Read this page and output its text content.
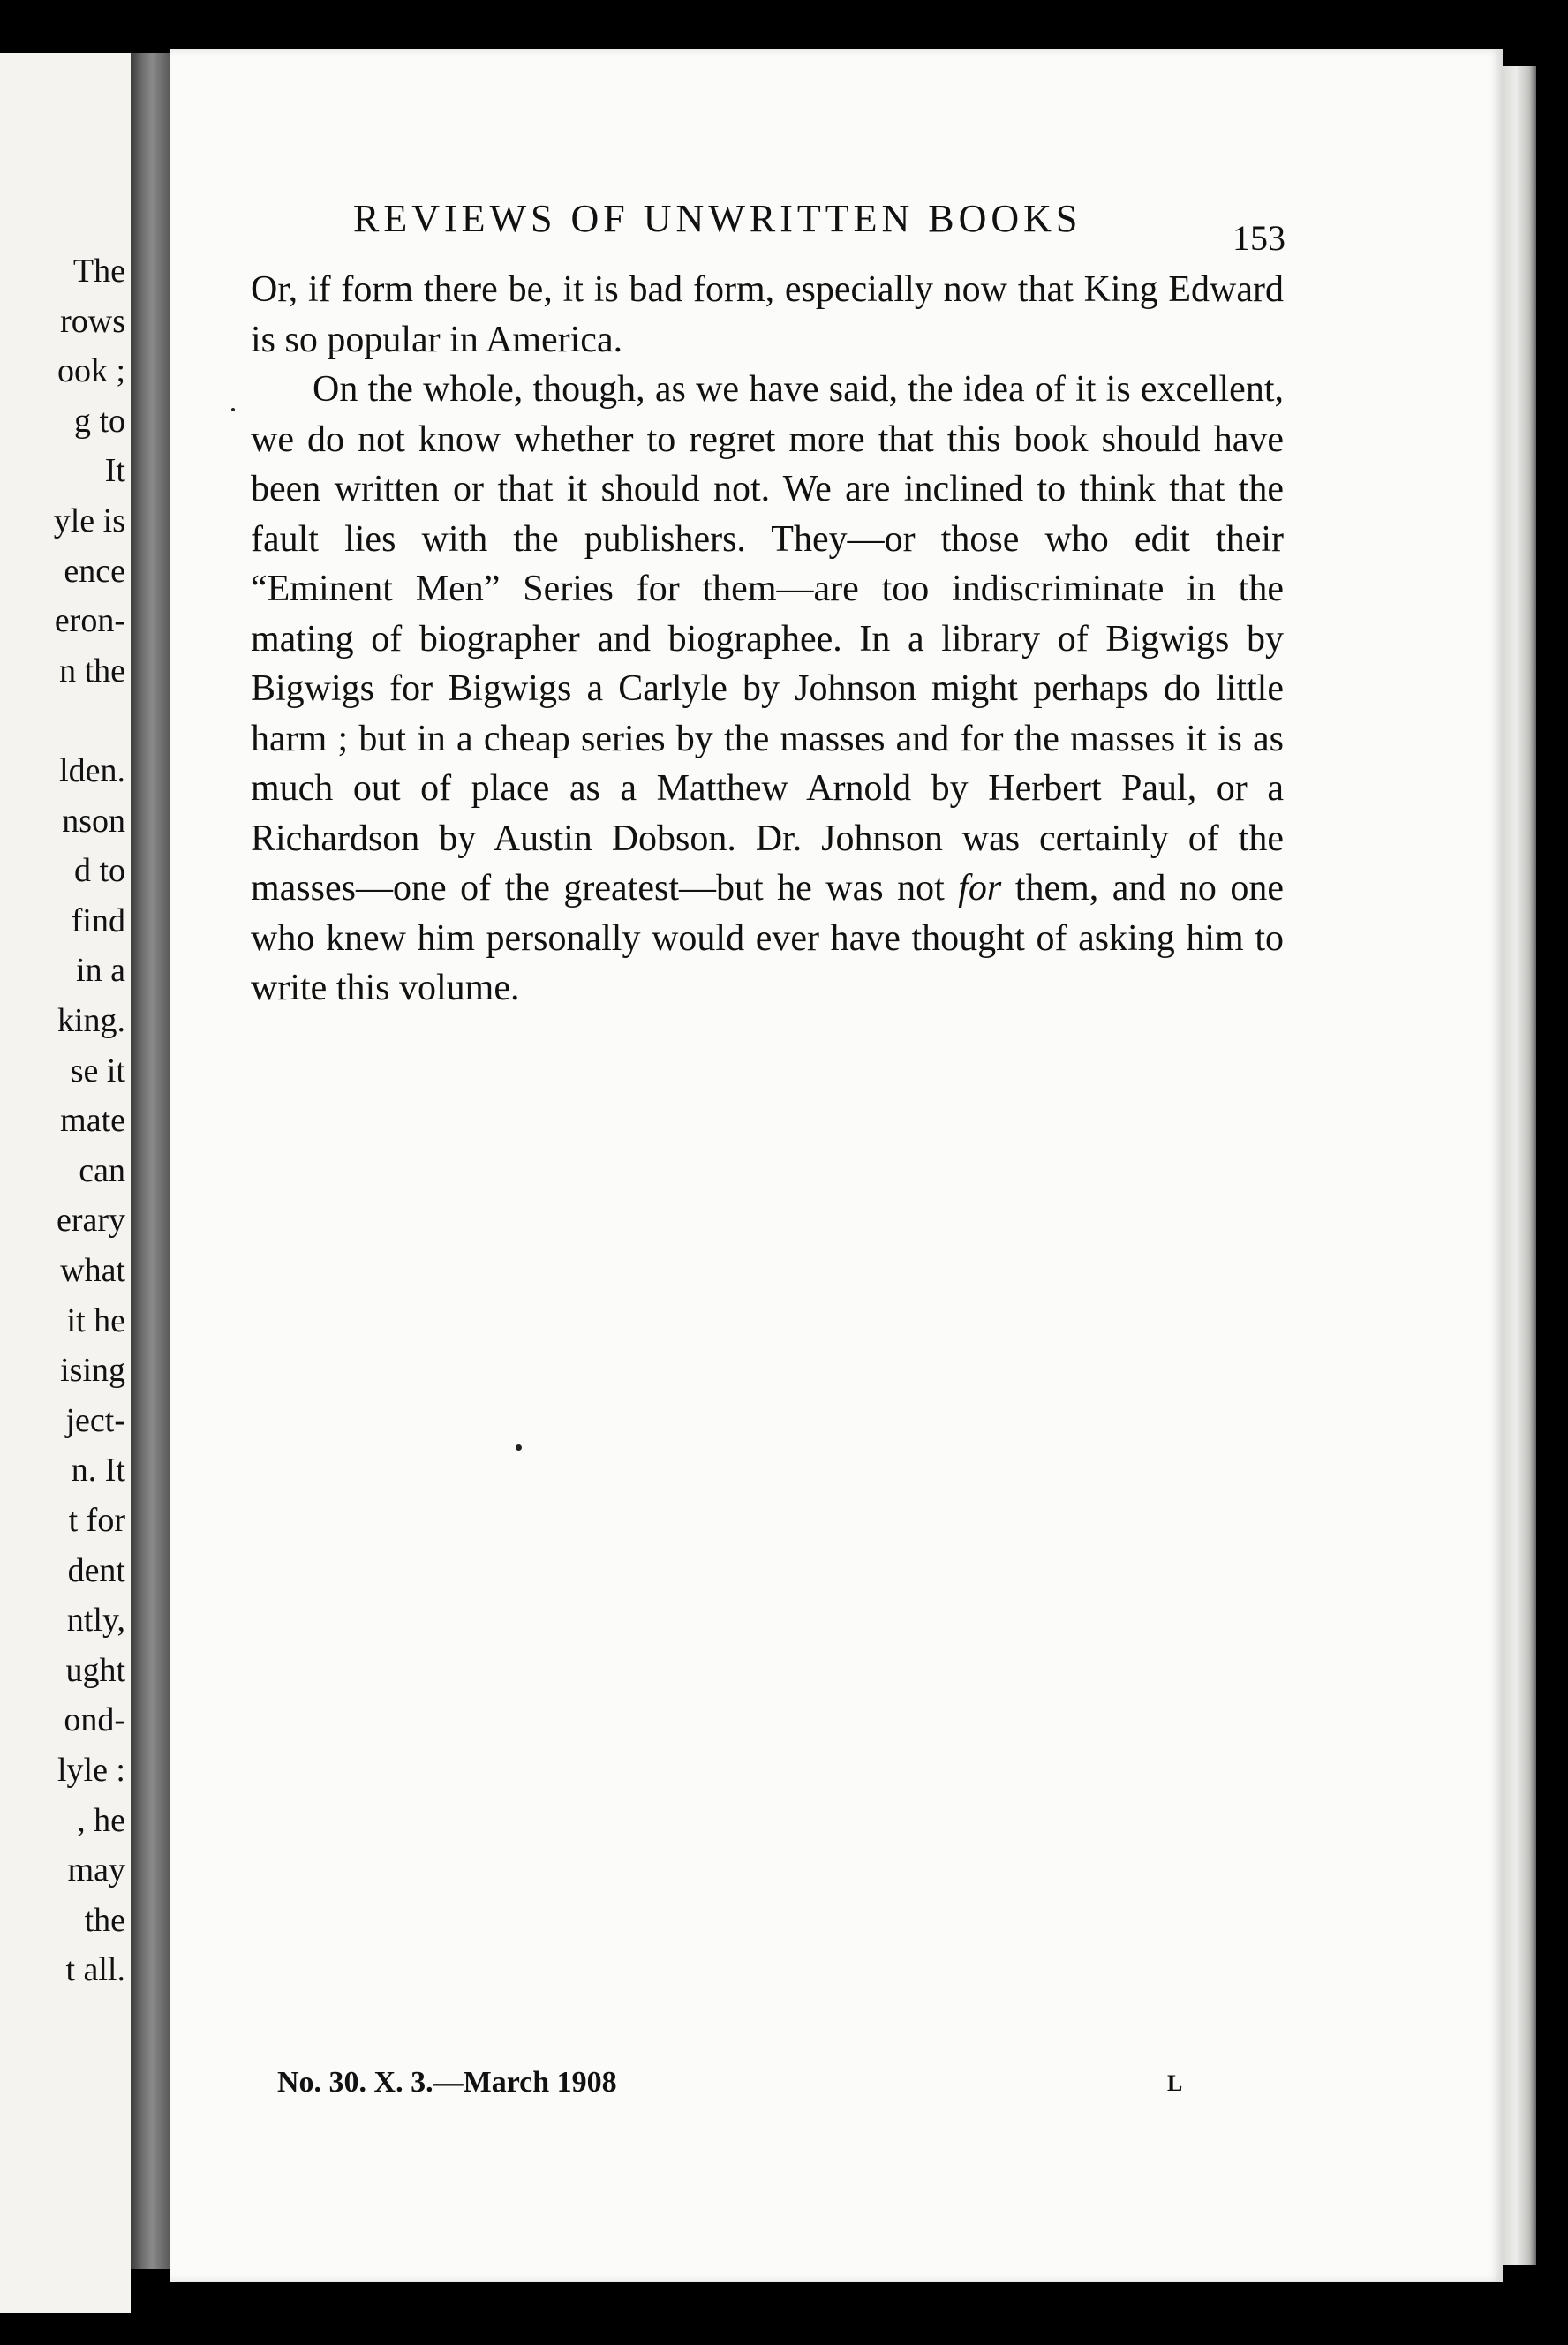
The
rows
ook ;
g to
It
yle is
ence
eron-
n the
lden.
nson
d to
find
in a
king.
se it
mate
can
erary
what
it he
ising
ject-
n. It
t for
dent
ntly,
ught
ond-
lyle :
, he
may
the
t all.
REVIEWS OF UNWRITTEN BOOKS	153

Or, if form there be, it is bad form, especially now that King Edward is so popular in America.

On the whole, though, as we have said, the idea of it is excellent, we do not know whether to regret more that this book should have been written or that it should not. We are inclined to think that the fault lies with the publishers. They—or those who edit their “Eminent Men” Series for them—are too indiscriminate in the mating of biographer and biographee. In a library of Bigwigs by Bigwigs for Bigwigs a Carlyle by Johnson might perhaps do little harm ; but in a cheap series by the masses and for the masses it is as much out of place as a Matthew Arnold by Herbert Paul, or a Richardson by Austin Dobson. Dr. Johnson was certainly of the masses—one of the greatest—but he was not for them, and no one who knew him personally would ever have thought of asking him to write this volume.

No. 30. X. 3.—March 1908	L
